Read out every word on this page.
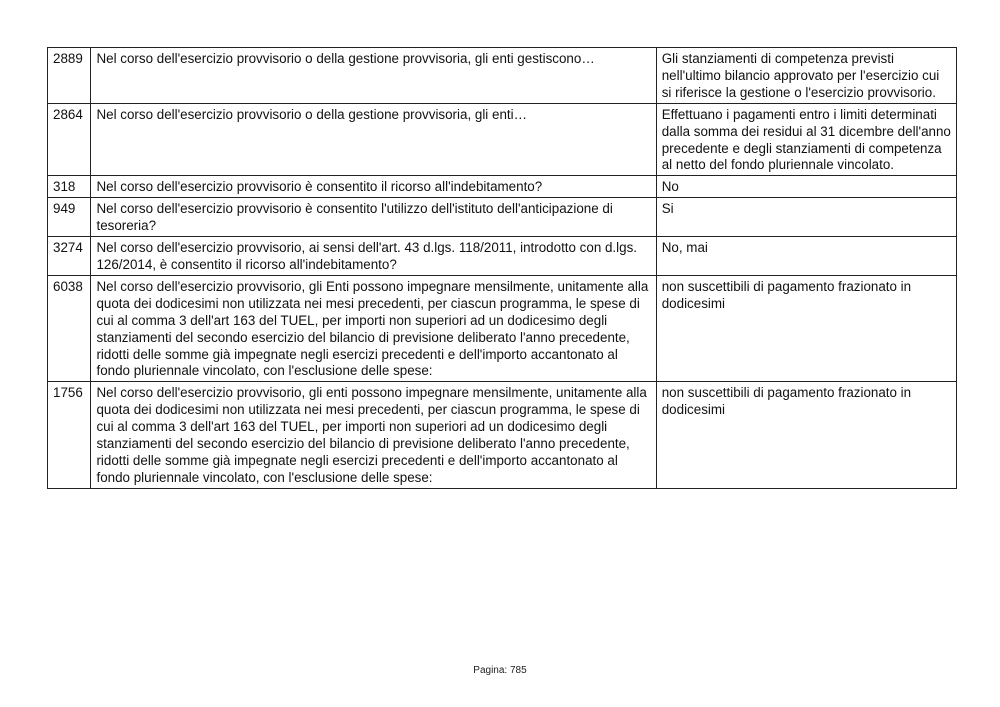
2889	Nel corso dell'esercizio provvisorio o della gestione provvisoria, gli enti gestiscono…	Gli stanziamenti di competenza previsti nell'ultimo bilancio approvato per l'esercizio cui si riferisce la gestione o l'esercizio provvisorio.
2864	Nel corso dell'esercizio provvisorio o della gestione provvisoria, gli enti…	Effettuano i pagamenti entro i limiti determinati dalla somma dei residui al 31 dicembre dell'anno precedente e degli stanziamenti di competenza al netto del fondo pluriennale vincolato.
318	Nel corso dell'esercizio provvisorio è consentito il ricorso all'indebitamento?	No
949	Nel corso dell'esercizio provvisorio è consentito l'utilizzo dell'istituto dell'anticipazione di tesoreria?	Si
3274	Nel corso dell'esercizio provvisorio, ai sensi dell'art. 43 d.lgs. 118/2011, introdotto con d.lgs. 126/2014, è consentito il ricorso all'indebitamento?	No, mai
6038	Nel corso dell'esercizio provvisorio, gli Enti possono impegnare mensilmente, unitamente alla quota dei dodicesimi non utilizzata nei mesi precedenti, per ciascun programma, le spese di cui al comma 3 dell'art 163 del TUEL, per importi non superiori ad un dodicesimo degli stanziamenti del secondo esercizio del bilancio di previsione deliberato l'anno precedente, ridotti delle somme già impegnate negli esercizi precedenti e dell'importo accantonato al fondo pluriennale vincolato, con l'esclusione delle spese:	non suscettibili di pagamento frazionato in dodicesimi
1756	Nel corso dell'esercizio provvisorio, gli enti possono impegnare mensilmente, unitamente alla quota dei dodicesimi non utilizzata nei mesi precedenti, per ciascun programma, le spese di cui al comma 3 dell'art 163 del TUEL, per importi non superiori ad un dodicesimo degli stanziamenti del secondo esercizio del bilancio di previsione deliberato l'anno precedente, ridotti delle somme già impegnate negli esercizi precedenti e dell'importo accantonato al fondo pluriennale vincolato, con l'esclusione delle spese:	non suscettibili di pagamento frazionato in dodicesimi
Pagina: 785
